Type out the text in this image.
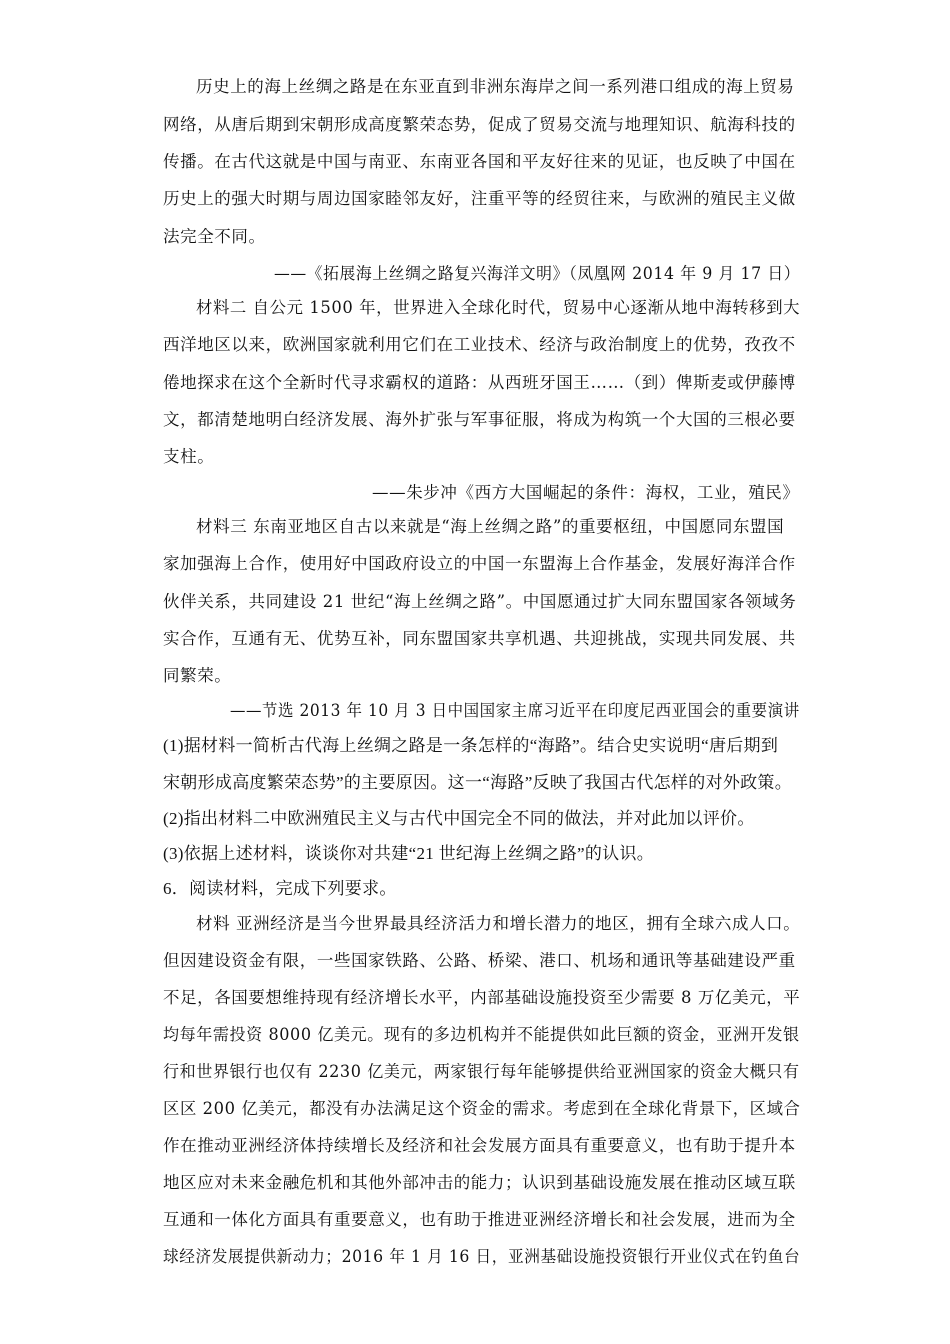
历史上的海上丝绸之路是在东亚直到非洲东海岸之间一系列港口组成的海上贸易
网络，从唐后期到宋朝形成高度繁荣态势，促成了贸易交流与地理知识、航海科技的
传播。在古代这就是中国与南亚、东南亚各国和平友好往来的见证，也反映了中国在
历史上的强大时期与周边国家睦邻友好，注重平等的经贸往来，与欧洲的殖民主义做
法完全不同。
——《拓展海上丝绸之路复兴海洋文明》（凤凰网 2014 年 9 月 17 日）
材料二 自公元 1500 年，世界进入全球化时代，贸易中心逐渐从地中海转移到大
西洋地区以来，欧洲国家就利用它们在工业技术、经济与政治制度上的优势，孜孜不
倦地探求在这个全新时代寻求霸权的道路：从西班牙国王……（到）俾斯麦或伊藤博
文，都清楚地明白经济发展、海外扩张与军事征服，将成为构筑一个大国的三根必要
支柱。
——朱步冲《西方大国崛起的条件：海权，工业，殖民》
材料三 东南亚地区自古以来就是“海上丝绸之路”的重要枢纽，中国愿同东盟国
家加强海上合作，使用好中国政府设立的中国一东盟海上合作基金，发展好海洋合作
伙伴关系，共同建设 21 世纪“海上丝绸之路”。中国愿通过扩大同东盟国家各领域务
实合作，互通有无、优势互补，同东盟国家共享机遇、共迎挑战，实现共同发展、共
同繁荣。
——节选 2013 年 10 月 3 日中国国家主席习近平在印度尼西亚国会的重要演讲
(1)据材料一简析古代海上丝绸之路是一条怎样的“海路”。结合史实说明“唐后期到
宋朝形成高度繁荣态势”的主要原因。这一“海路”反映了我国古代怎样的对外政策。
(2)指出材料二中欧洲殖民主义与古代中国完全不同的做法，并对此加以评价。
(3)依据上述材料，谈谈你对共建“21 世纪海上丝绸之路”的认识。
6．阅读材料，完成下列要求。
材料 亚洲经济是当今世界最具经济活力和增长潜力的地区，拥有全球六成人口。
但因建设资金有限，一些国家铁路、公路、桥梁、港口、机场和通讯等基础建设严重
不足，各国要想维持现有经济增长水平，内部基础设施投资至少需要 8 万亿美元，平
均每年需投资 8000 亿美元。现有的多边机构并不能提供如此巨额的资金，亚洲开发银
行和世界银行也仅有 2230 亿美元，两家银行每年能够提供给亚洲国家的资金大概只有
区区 200 亿美元，都没有办法满足这个资金的需求。考虑到在全球化背景下，区域合
作在推动亚洲经济体持续增长及经济和社会发展方面具有重要意义，也有助于提升本
地区应对未来金融危机和其他外部冲击的能力；认识到基础设施发展在推动区域互联
互通和一体化方面具有重要意义，也有助于推进亚洲经济增长和社会发展，进而为全
球经济发展提供新动力；2016 年 1 月 16 日，亚洲基础设施投资银行开业仪式在钓鱼台
